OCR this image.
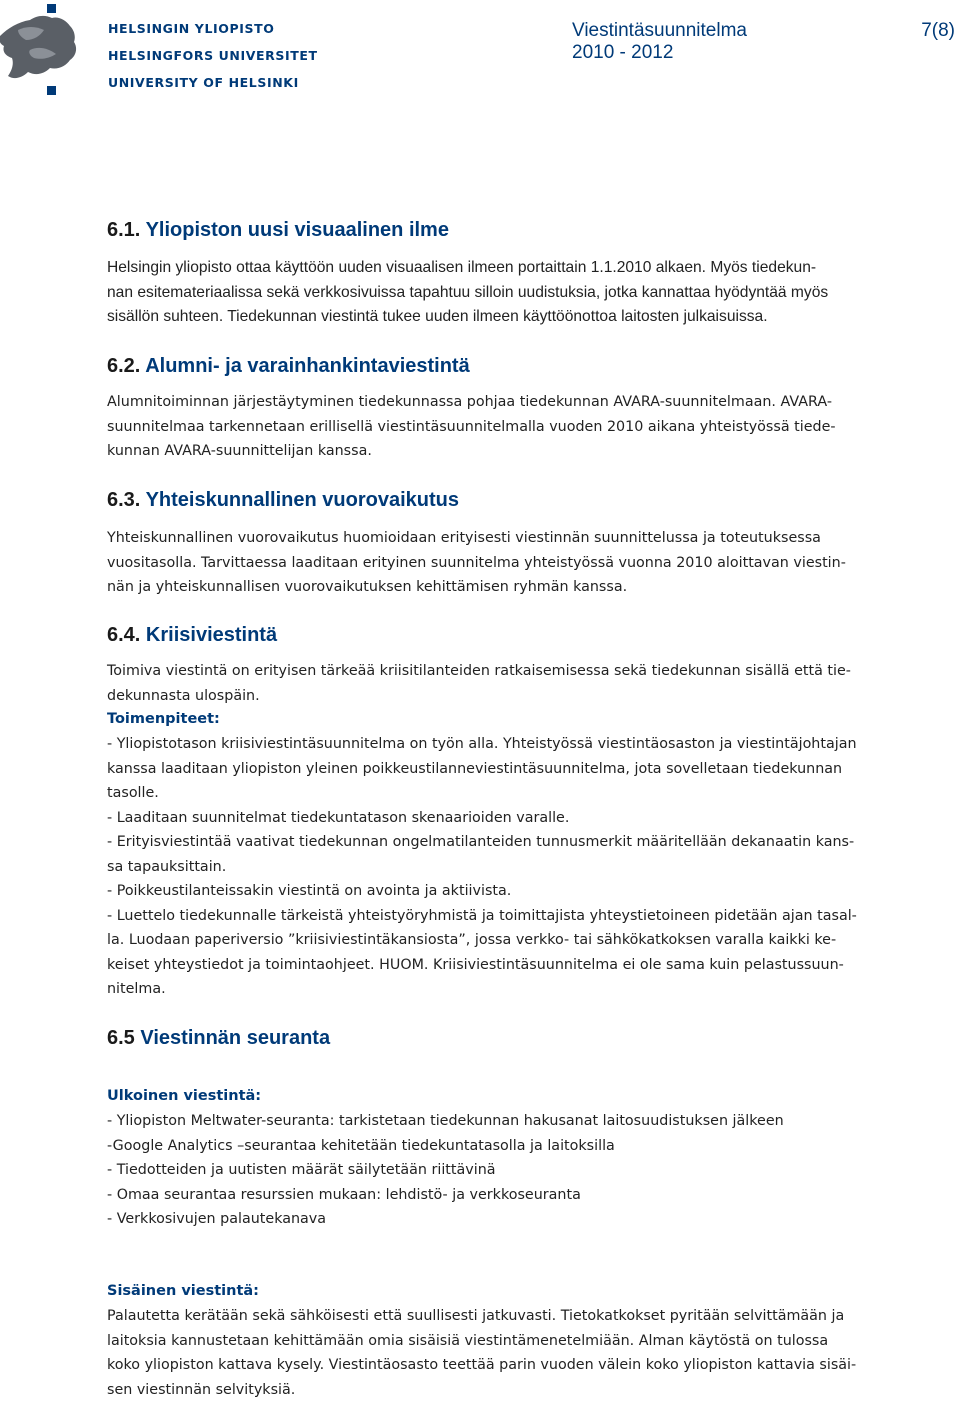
HELSINGIN YLIOPISTO
HELSINGFORS UNIVERSITET
UNIVERSITY OF HELSINKI
Viestintäsuunnitelma
2010 - 2012
7(8)
6.1. Yliopiston uusi visuaalinen ilme
Helsingin yliopisto ottaa käyttöön uuden visuaalisen ilmeen portaittain 1.1.2010 alkaen. Myös tiedekun-
nan esitemateriaalissa sekä verkkosivuissa tapahtuu silloin uudistuksia, jotka kannattaa hyödyntää myös
sisällön suhteen. Tiedekunnan viestintä tukee uuden ilmeen käyttöönottoa laitosten julkaisuissa.
6.2. Alumni- ja varainhankintaviestintä
Alumnitoiminnan järjestäytyminen tiedekunnassa pohjaa tiedekunnan AVARA-suunnitelmaan. AVARA-
suunnitelmaa tarkennetaan erillisellä viestintäsuunnitelmalla vuoden 2010 aikana yhteistyössä tiede-
kunnan AVARA-suunnittelijan kanssa.
6.3. Yhteiskunnallinen vuorovaikutus
Yhteiskunnallinen vuorovaikutus huomioidaan erityisesti viestinnän suunnittelussa ja toteutuksessa
vuositasolla. Tarvittaessa laaditaan erityinen suunnitelma yhteistyössä vuonna 2010 aloittavan viestin-
nän ja yhteiskunnallisen vuorovaikutuksen kehittämisen ryhmän kanssa.
6.4. Kriisiviestintä
Toimiva viestintä on erityisen tärkeää kriisitilanteiden ratkaisemisessa sekä tiedekunnan sisällä että tie-
dekunnasta ulospäin.
Toimenpiteet:
- Yliopistotason kriisiviestintäsuunnitelma on työn alla. Yhteistyössä viestintäosaston ja viestintäjohtajan
kanssa laaditaan yliopiston yleinen poikkeustilanneviestintäsuunnitelma, jota sovelletaan tiedekunnan
tasolle.
- Laaditaan suunnitelmat tiedekuntatason skenaarioiden varalle.
- Erityisviestintää vaativat tiedekunnan ongelmatilanteiden tunnusmerkit määritellään dekanaatin kans-
sa tapauksittain.
- Poikkeustilanteissakin viestintä on avointa ja aktiivista.
- Luettelo tiedekunnalle tärkeistä yhteistyöryhmistä ja toimittajista yhteystietoineen pidetään ajan tasal-
la. Luodaan paperiversio ”kriisiviestintäkansiosta”, jossa verkko- tai sähkökatkoksen varalla kaikki ke-
keiset yhteystiedot ja toimintaohjeet. HUOM. Kriisiviestintäsuunnitelma ei ole sama kuin pelastussuun-
nitelma.
6.5 Viestinnän seuranta
Ulkoinen viestintä:
- Yliopiston Meltwater-seuranta: tarkistetaan tiedekunnan hakusanat laitosuudistuksen jälkeen
-Google Analytics –seurantaa kehitetään tiedekuntatasolla ja laitoksilla
- Tiedotteiden ja uutisten määrät säilytetään riittävinä
- Omaa seurantaa resurssien mukaan: lehdistö- ja verkkoseuranta
- Verkkosivujen palautekanava
Sisäinen viestintä:
Palautetta kerätään sekä sähköisesti että suullisesti jatkuvasti. Tietokatkokset pyritään selvittämään ja
laitoksia kannustetaan kehittämään omia sisäisiä viestintämenetelmiään. Alman käytöstä on tulossa
koko yliopiston kattava kysely. Viestintäosasto teettää parin vuoden välein koko yliopiston kattavia sisäi-
sen viestinnän selvityksiä.
